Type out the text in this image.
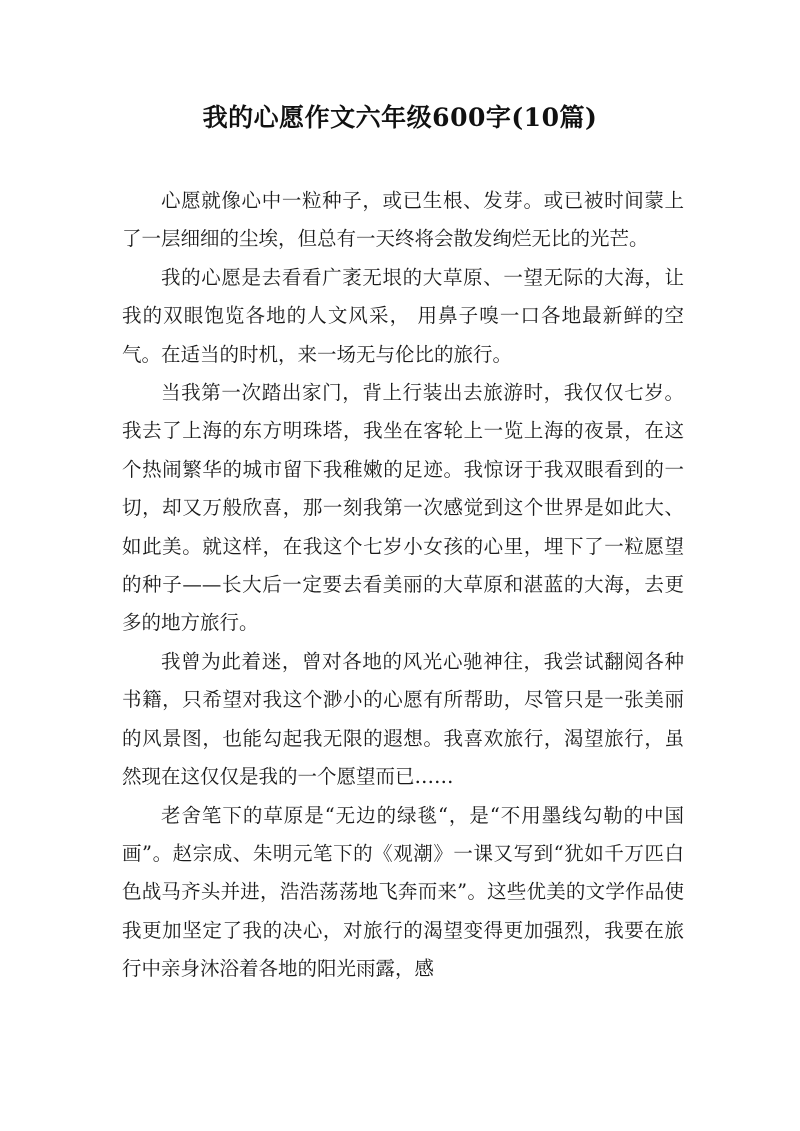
我的心愿作文六年级600字(10篇)

心愿就像心中一粒种子，或已生根、发芽。或已被时间蒙上了一层细细的尘埃，但总有一天终将会散发绚烂无比的光芒。

我的心愿是去看看广袤无垠的大草原、一望无际的大海，让我的双眼饱览各地的人文风采， 用鼻子嗅一口各地最新鲜的空气。在适当的时机，来一场无与伦比的旅行。

当我第一次踏出家门，背上行装出去旅游时，我仅仅七岁。我去了上海的东方明珠塔，我坐在客轮上一览上海的夜景，在这个热闹繁华的城市留下我稚嫩的足迹。我惊讶于我双眼看到的一切，却又万般欣喜，那一刻我第一次感觉到这个世界是如此大、如此美。就这样，在我这个七岁小女孩的心里，埋下了一粒愿望的种子——长大后一定要去看美丽的大草原和湛蓝的大海，去更多的地方旅行。

我曾为此着迷，曾对各地的风光心驰神往，我尝试翻阅各种书籍，只希望对我这个渺小的心愿有所帮助，尽管只是一张美丽的风景图，也能勾起我无限的遐想。我喜欢旅行，渴望旅行，虽然现在这仅仅是我的一个愿望而已……

老舍笔下的草原是“无边的绿毯“，是“不用墨线勾勒的中国画”。赵宗成、朱明元笔下的《观潮》一课又写到“犹如千万匹白色战马齐头并进，浩浩荡荡地飞奔而来”。这些优美的文学作品使我更加坚定了我的决心，对旅行的渴望变得更加强烈，我要在旅行中亲身沐浴着各地的阳光雨露，感
